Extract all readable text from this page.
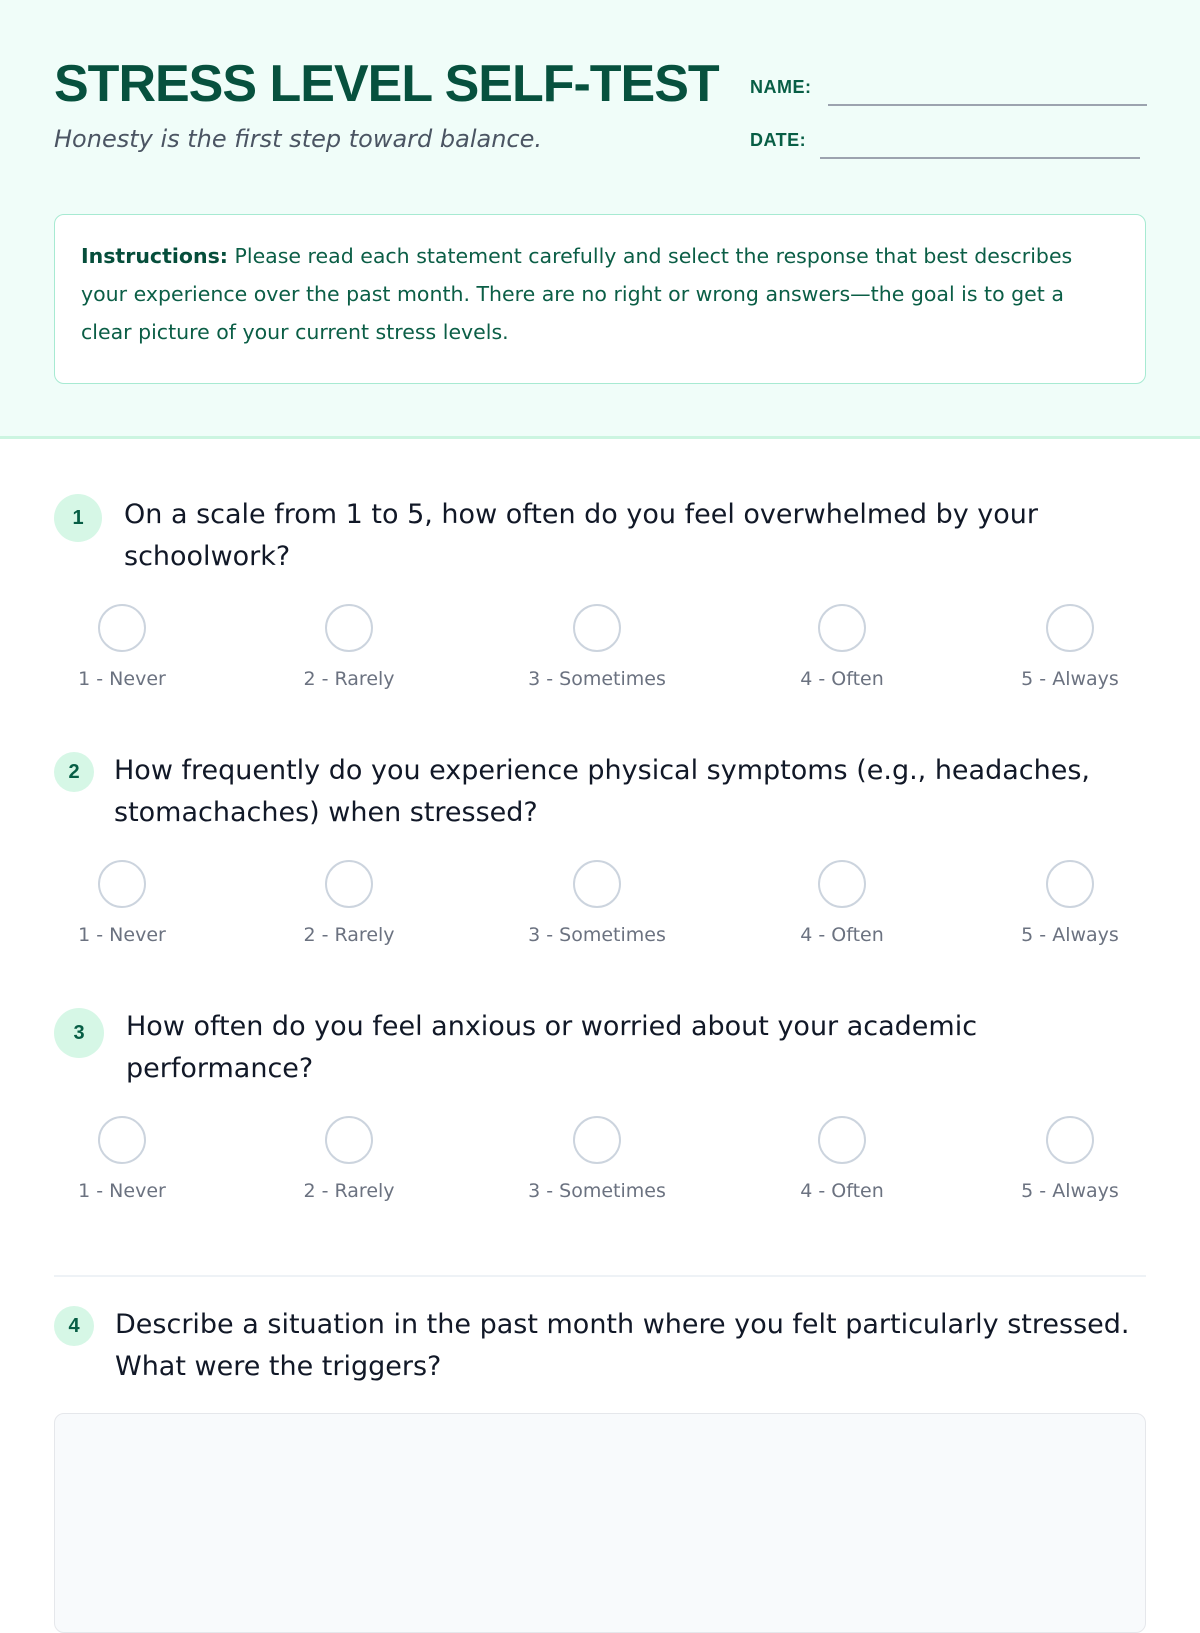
STRESS LEVEL SELF-TEST

Honesty is the first step toward balance.

NAME:
DATE:
Instructions: Please read each statement carefully and select the response that best describes your experience over the past month. There are no right or wrong answers—the goal is to get a clear picture of your current stress levels.
1	On a scale from 1 to 5, how often do you feel overwhelmed by your schoolwork?

1 - Never	2 - Rarely	3 - Sometimes	4 - Often	5 - Always
2	How frequently do you experience physical symptoms (e.g., headaches, stomachaches) when stressed?

1 - Never	2 - Rarely	3 - Sometimes	4 - Often	5 - Always
3	How often do you feel anxious or worried about your academic performance?

1 - Never	2 - Rarely	3 - Sometimes	4 - Often	5 - Always
4	Describe a situation in the past month where you felt particularly stressed. What were the triggers?
